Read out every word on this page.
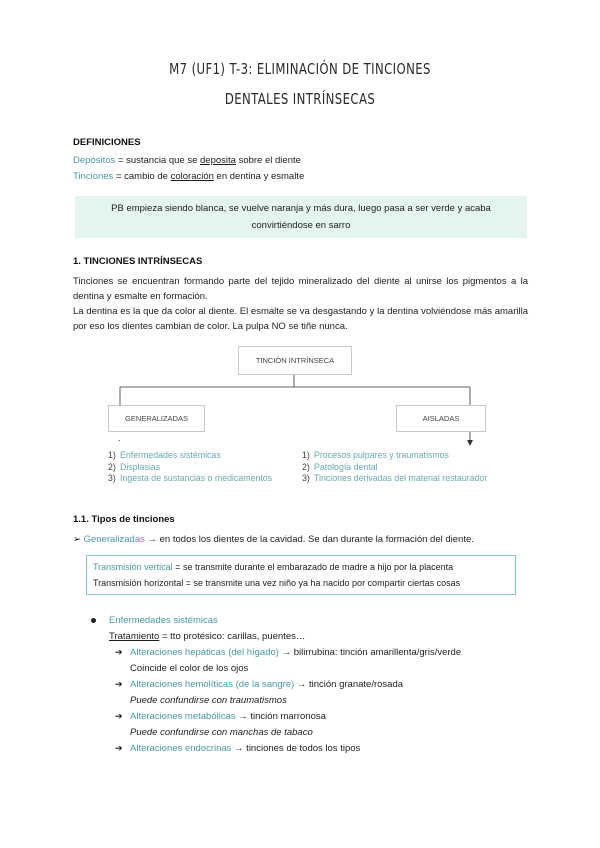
M7 (UF1) T-3: ELIMINACIÓN DE TINCIONES
DENTALES INTRÍNSECAS
DEFINICIONES
Depósitos = sustancia que se deposita sobre el diente
Tinciones = cambio de coloración en dentina y esmalte
PB empieza siendo blanca, se vuelve naranja y más dura, luego pasa a ser verde y acaba convirtiéndose en sarro
1. TINCIONES INTRÍNSECAS
Tinciones se encuentran formando parte del tejido mineralizado del diente al unirse los pigmentos a la dentina y esmalte en formación.
La dentina es la que da color al diente. El esmalte se va desgastando y la dentina volviéndose más amarilla por eso los dientes cambian de color. La pulpa NO se tiñe nunca.
TINCIÓN INTRÍNSECA
GENERALIZADAS	AISLADAS
.
1) Enfermedades sistémicas
2) Displasias
3) Ingesta de sustancias o medicamentos
1) Procesos pulpares y traumatismos
2) Patología dental
3) Tinciones derivadas del material restaurador
1.1. Tipos de tinciones
➢ Generalizadas → en todos los dientes de la cavidad. Se dan durante la formación del diente.
Transmisión vertical = se transmite durante el embarazado de madre a hijo por la placenta
Transmisión horizontal = se transmite una vez niño ya ha nacido por compartir ciertas cosas
Enfermedades sistémicas
Tratamiento = tto protésico: carillas, puentes…
➔ Alteraciones hepáticas (del hígado) → bilirrubina: tinción amarillenta/gris/verde
Coincide el color de los ojos
➔ Alteraciones hemolíticas (de la sangre) → tinción granate/rosada
Puede confundirse con traumatismos
➔ Alteraciones metabólicas → tinción marronosa
Puede confundirse con manchas de tabaco
➔ Alteraciones endocrinas → tinciones de todos los tipos
